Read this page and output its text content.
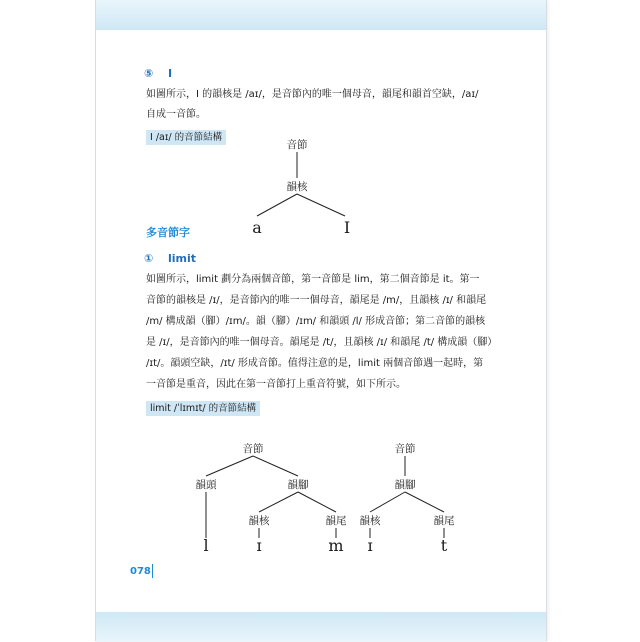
⑤ I
如圖所示，I 的韻核是 /aɪ/，是音節內的唯一個母音，韻尾和韻首空缺，/aɪ/
自成一音節。
I /aɪ/ 的音節結構
音節
韻核
a	I
多音節字
① limit
如圖所示，limit 劃分為兩個音節，第一音節是 lim，第二個音節是 it。第一
音節的韻核是 /ɪ/，是音節內的唯一一個母音，韻尾是 /m/，且韻核 /ɪ/ 和韻尾
/m/ 構成韻（腳）/ɪm/。韻（腳）/ɪm/ 和韻頭 /l/ 形成音節；第二音節的韻核
是 /ɪ/，是音節內的唯一個母音。韻尾是 /t/，且韻核 /ɪ/ 和韻尾 /t/ 構成韻（腳）
/ɪt/。韻頭空缺，/ɪt/ 形成音節。值得注意的是，limit 兩個音節遇一起時，第
一音節是重音，因此在第一音節打上重音符號，如下所示。
limit /ˈlɪmɪt/ 的音節結構
音節
韻頭	韻腳
韻核	韻尾
l	ɪ	m
音節
韻腳
韻核	韻尾
ɪ	t
078
